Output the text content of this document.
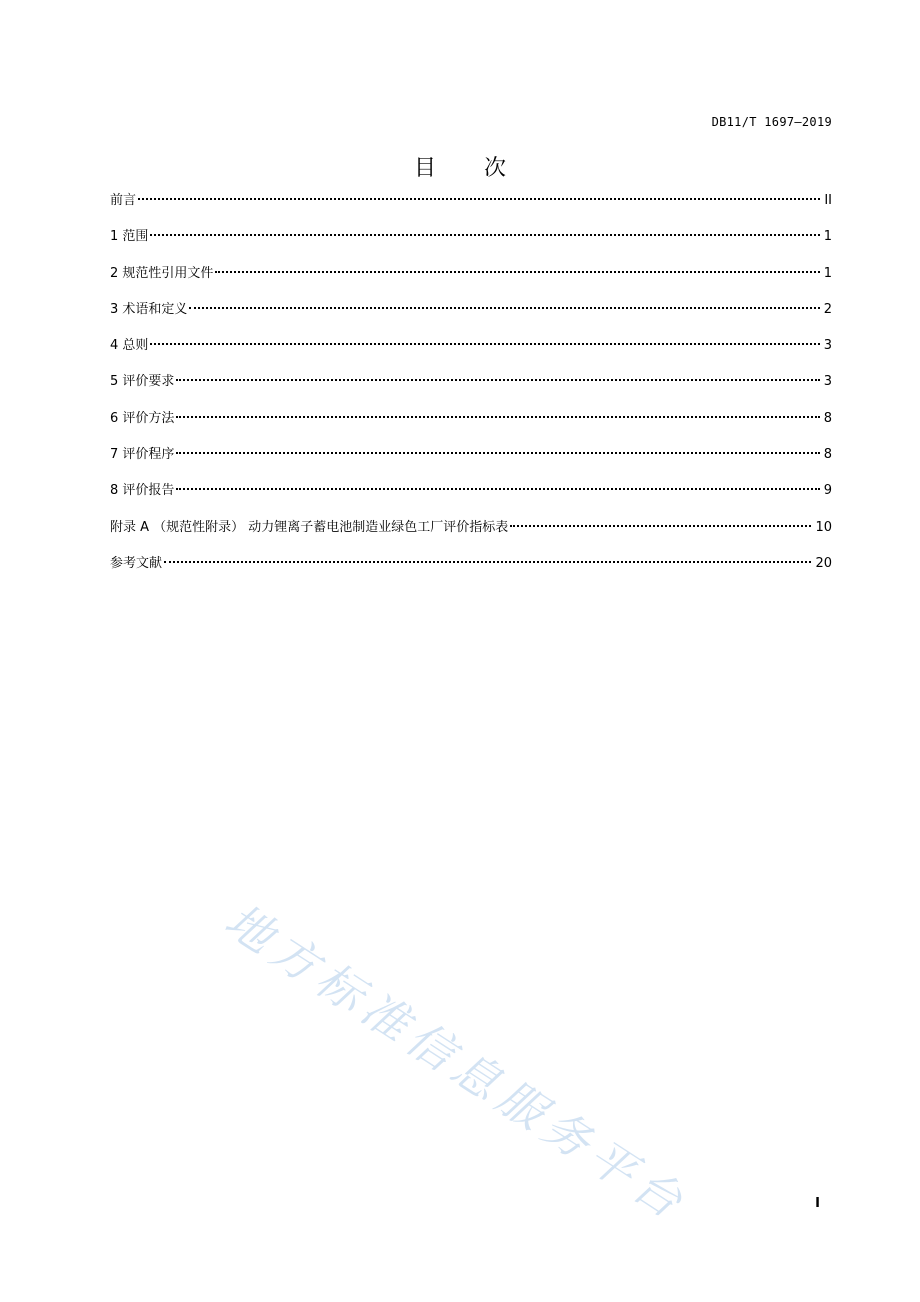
DB11/T 1697—2019
目 次
前言	II
1 范围	1
2 规范性引用文件	1
3 术语和定义	2
4 总则	3
5 评价要求	3
6 评价方法	8
7 评价程序	8
8 评价报告	9
附录 A （规范性附录） 动力锂离子蓄电池制造业绿色工厂评价指标表	10
参考文献	20
地方标准信息服务平台	I
